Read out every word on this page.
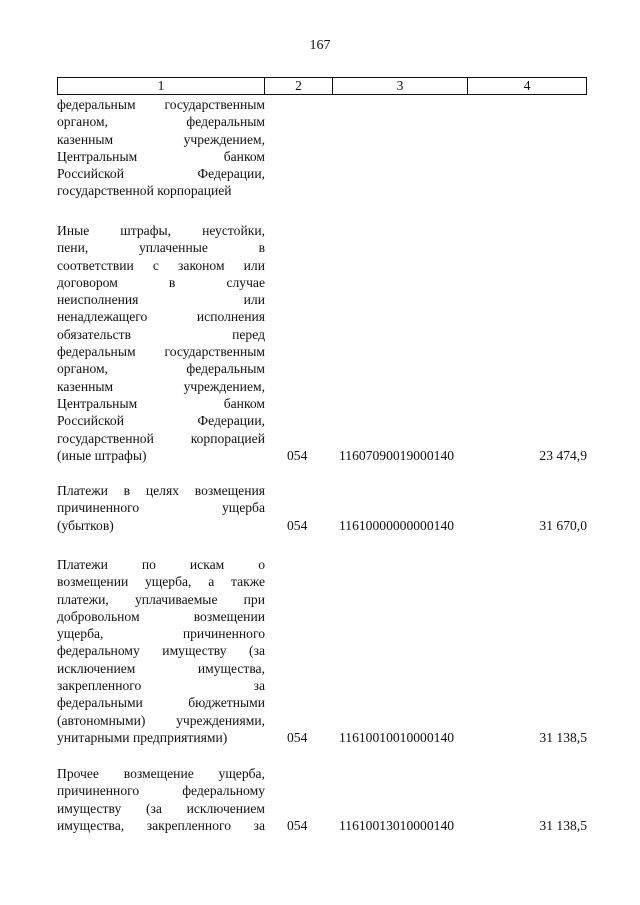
167
1	2	3	4
федеральным государственным
органом, федеральным
казенным учреждением,
Центральным банком
Российской Федерации,
государственной корпорацией
Иные штрафы, неустойки,
пени, уплаченные в
соответствии с законом или
договором в случае
неисполнения или
ненадлежащего исполнения
обязательств перед
федеральным государственным
органом, федеральным
казенным учреждением,
Центральным банком
Российской Федерации,
государственной корпорацией
(иные штрафы)	054	11607090019000140	23 474,9
Платежи в целях возмещения
причиненного ущерба
(убытков)	054	11610000000000140	31 670,0
Платежи по искам о
возмещении ущерба, а также
платежи, уплачиваемые при
добровольном возмещении
ущерба, причиненного
федеральному имуществу (за
исключением имущества,
закрепленного за
федеральными бюджетными
(автономными) учреждениями,
унитарными предприятиями)	054	11610010010000140	31 138,5
Прочее возмещение ущерба,
причиненного федеральному
имуществу (за исключением
имущества, закрепленного за 054	11610013010000140	31 138,5
